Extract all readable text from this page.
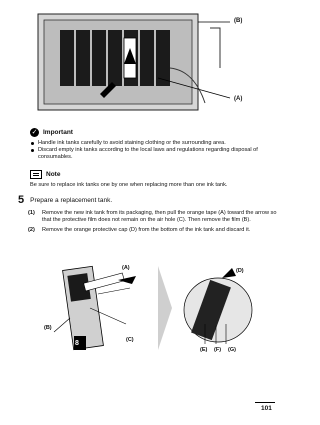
(B)
(A)
✓ Important
Handle ink tanks carefully to avoid staining clothing or the surrounding area.
Discard empty ink tanks according to the local laws and regulations regarding disposal of consumables.
Note
Be sure to replace ink tanks one by one when replacing more than one ink tank.
5 Prepare a replacement tank.
(1)	Remove the new ink tank from its packaging, then pull the orange tape (A) toward the arrow so that the protective film does not remain on the air hole (C). Then remove the film (B).
(2)	Remove the orange protective cap (D) from the bottom of the ink tank and discard it.
(A)
(B)
(C)
(D)
(E) (F) (G)
8
101
